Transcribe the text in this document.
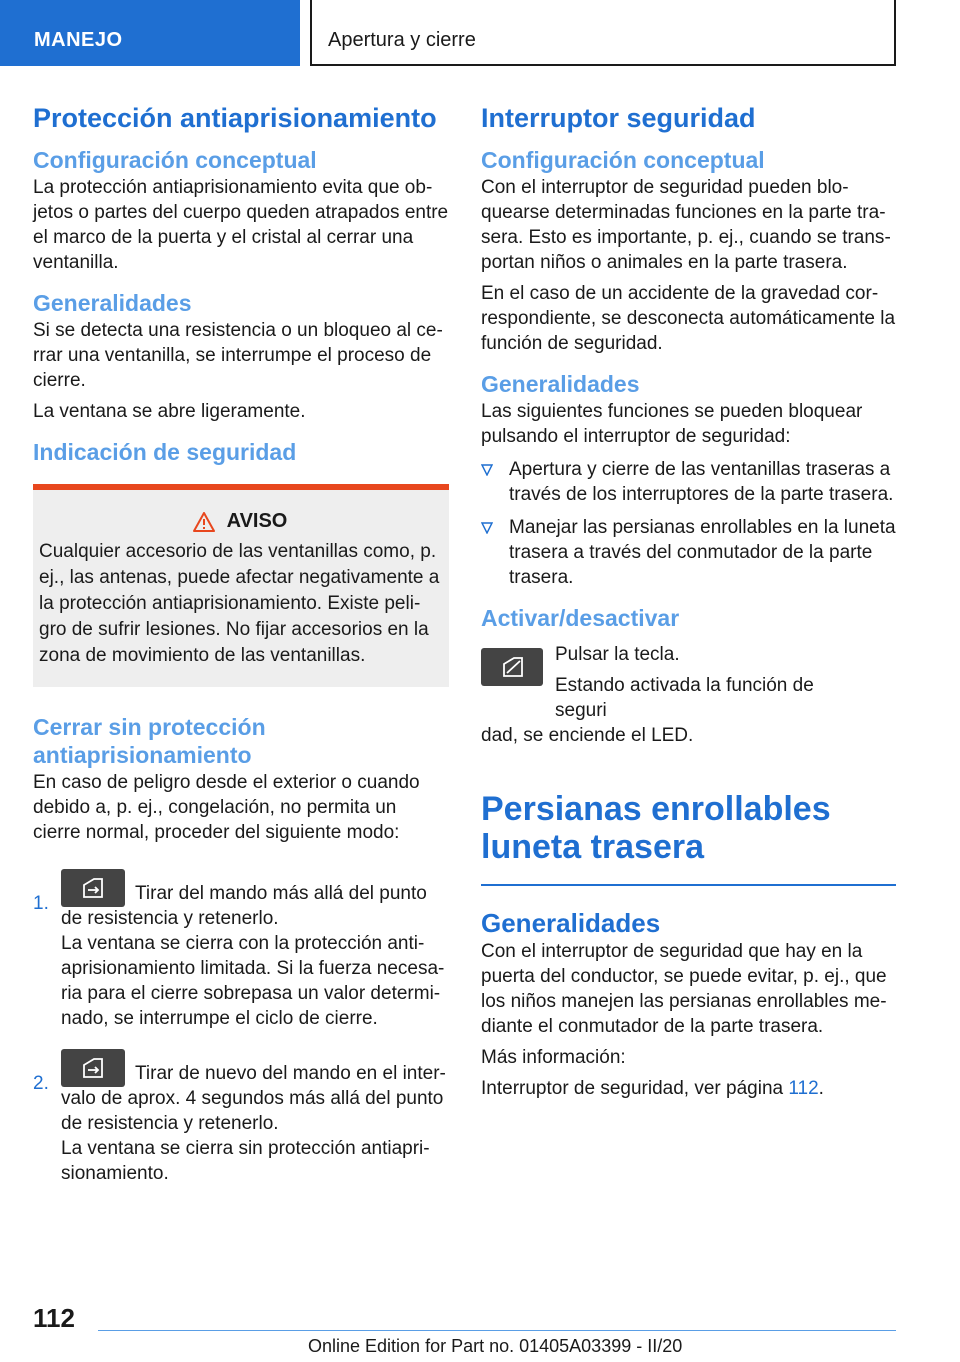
MANEJO	Apertura y cierre
Protección antiaprisionamiento
Configuración conceptual

La protección antiaprisionamiento evita que objetos o partes del cuerpo queden atrapados entre el marco de la puerta y el cristal al cerrar una ventanilla.

Generalidades

Si se detecta una resistencia o un bloqueo al cerrar una ventanilla, se interrumpe el proceso de cierre.

La ventana se abre ligeramente.

Indicación de seguridad
AVISO

Cualquier accesorio de las ventanillas como, p. ej., las antenas, puede afectar negativamente a la protección antiaprisionamiento. Existe peligro de sufrir lesiones. No fijar accesorios en la zona de movimiento de las ventanillas.

Cerrar sin protección antiaprisionamiento

En caso de peligro desde el exterior o cuando debido a, p. ej., congelación, no permita un cierre normal, proceder del siguiente modo:

1.	Tirar del mando más allá del punto de resistencia y retenerlo.

La ventana se cierra con la protección antiaprisionamiento limitada. Si la fuerza necesaria para el cierre sobrepasa un valor determinado, se interrumpe el ciclo de cierre.

2.	Tirar de nuevo del mando en el intervalo de aprox. 4 segundos más allá del punto de resistencia y retenerlo.

La ventana se cierra sin protección antiaprisionamiento.

Interruptor seguridad
Configuración conceptual

Con el interruptor de seguridad pueden bloquearse determinadas funciones en la parte trasera. Esto es importante, p. ej., cuando se transportan niños o animales en la parte trasera.

En el caso de un accidente de la gravedad correspondiente, se desconecta automáticamente la función de seguridad.

Generalidades

Las siguientes funciones se pueden bloquear pulsando el interruptor de seguridad:

Apertura y cierre de las ventanillas traseras a través de los interruptores de la parte trasera.

Manejar las persianas enrollables en la luneta trasera a través del conmutador de la parte trasera.

Activar/desactivar

Pulsar la tecla.

Estando activada la función de seguri

dad, se enciende el LED.

Persianas enrollables luneta trasera
Generalidades

Con el interruptor de seguridad que hay en la puerta del conductor, se puede evitar, p. ej., que los niños manejen las persianas enrollables mediante el conmutador de la parte trasera.

Más información:

Interruptor de seguridad, ver página 112.

112
Online Edition for Part no. 01405A03399 - II/20
